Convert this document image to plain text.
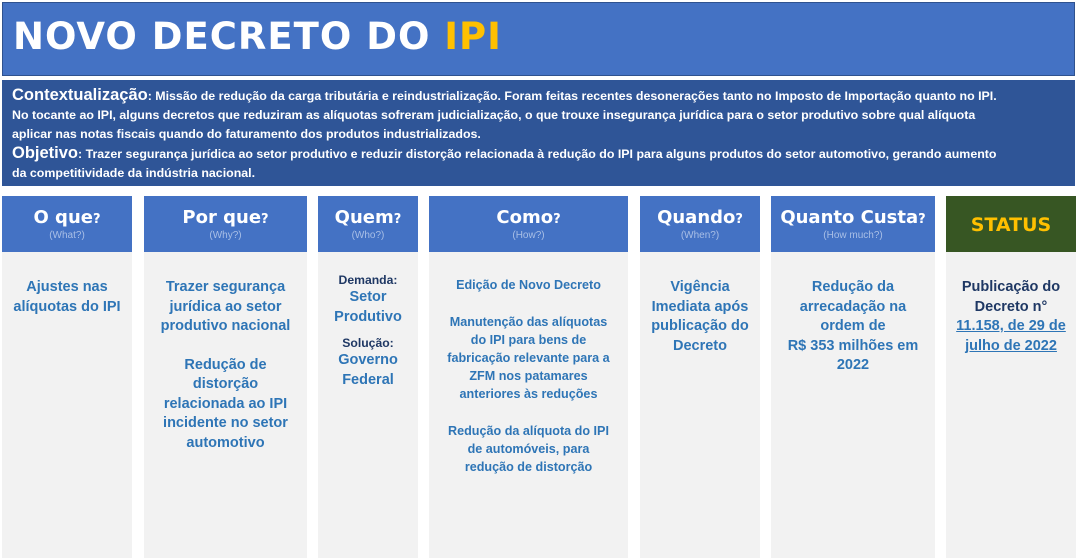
NOVO DECRETO DO IPI
Contextualização: Missão de redução da carga tributária e reindustrialização. Foram feitas recentes desonerações tanto no Imposto de Importação quanto no IPI.
No tocante ao IPI, alguns decretos que reduziram as alíquotas sofreram judicialização, o que trouxe insegurança jurídica para o setor produtivo sobre qual alíquota
aplicar nas notas fiscais quando do faturamento dos produtos industrializados.
Objetivo: Trazer segurança jurídica ao setor produtivo e reduzir distorção relacionada à redução do IPI para alguns produtos do setor automotivo, gerando aumento
da competitividade da indústria nacional.
O que?
(What?)
Ajustes nas
alíquotas do IPI
Por que?
(Why?)
Trazer segurança
jurídica ao setor
produtivo nacional
Redução de distorção
relacionada ao IPI
incidente no setor
automotivo
Quem?
(Who?)
Demanda:
Setor
Produtivo
Solução:
Governo
Federal
Como?
(How?)
Edição de Novo Decreto
Manutenção das alíquotas
do IPI para bens de
fabricação relevante para a
ZFM nos patamares
anteriores às reduções
Redução da alíquota do IPI
de automóveis, para
redução de distorção
Quando?
(When?)
Vigência
Imediata após
publicação do
Decreto
Quanto Custa?
(How much?)
Redução da
arrecadação na
ordem de
R$ 353 milhões em
2022
STATUS
Publicação do
Decreto n°
11.158, de 29 de
julho de 2022
